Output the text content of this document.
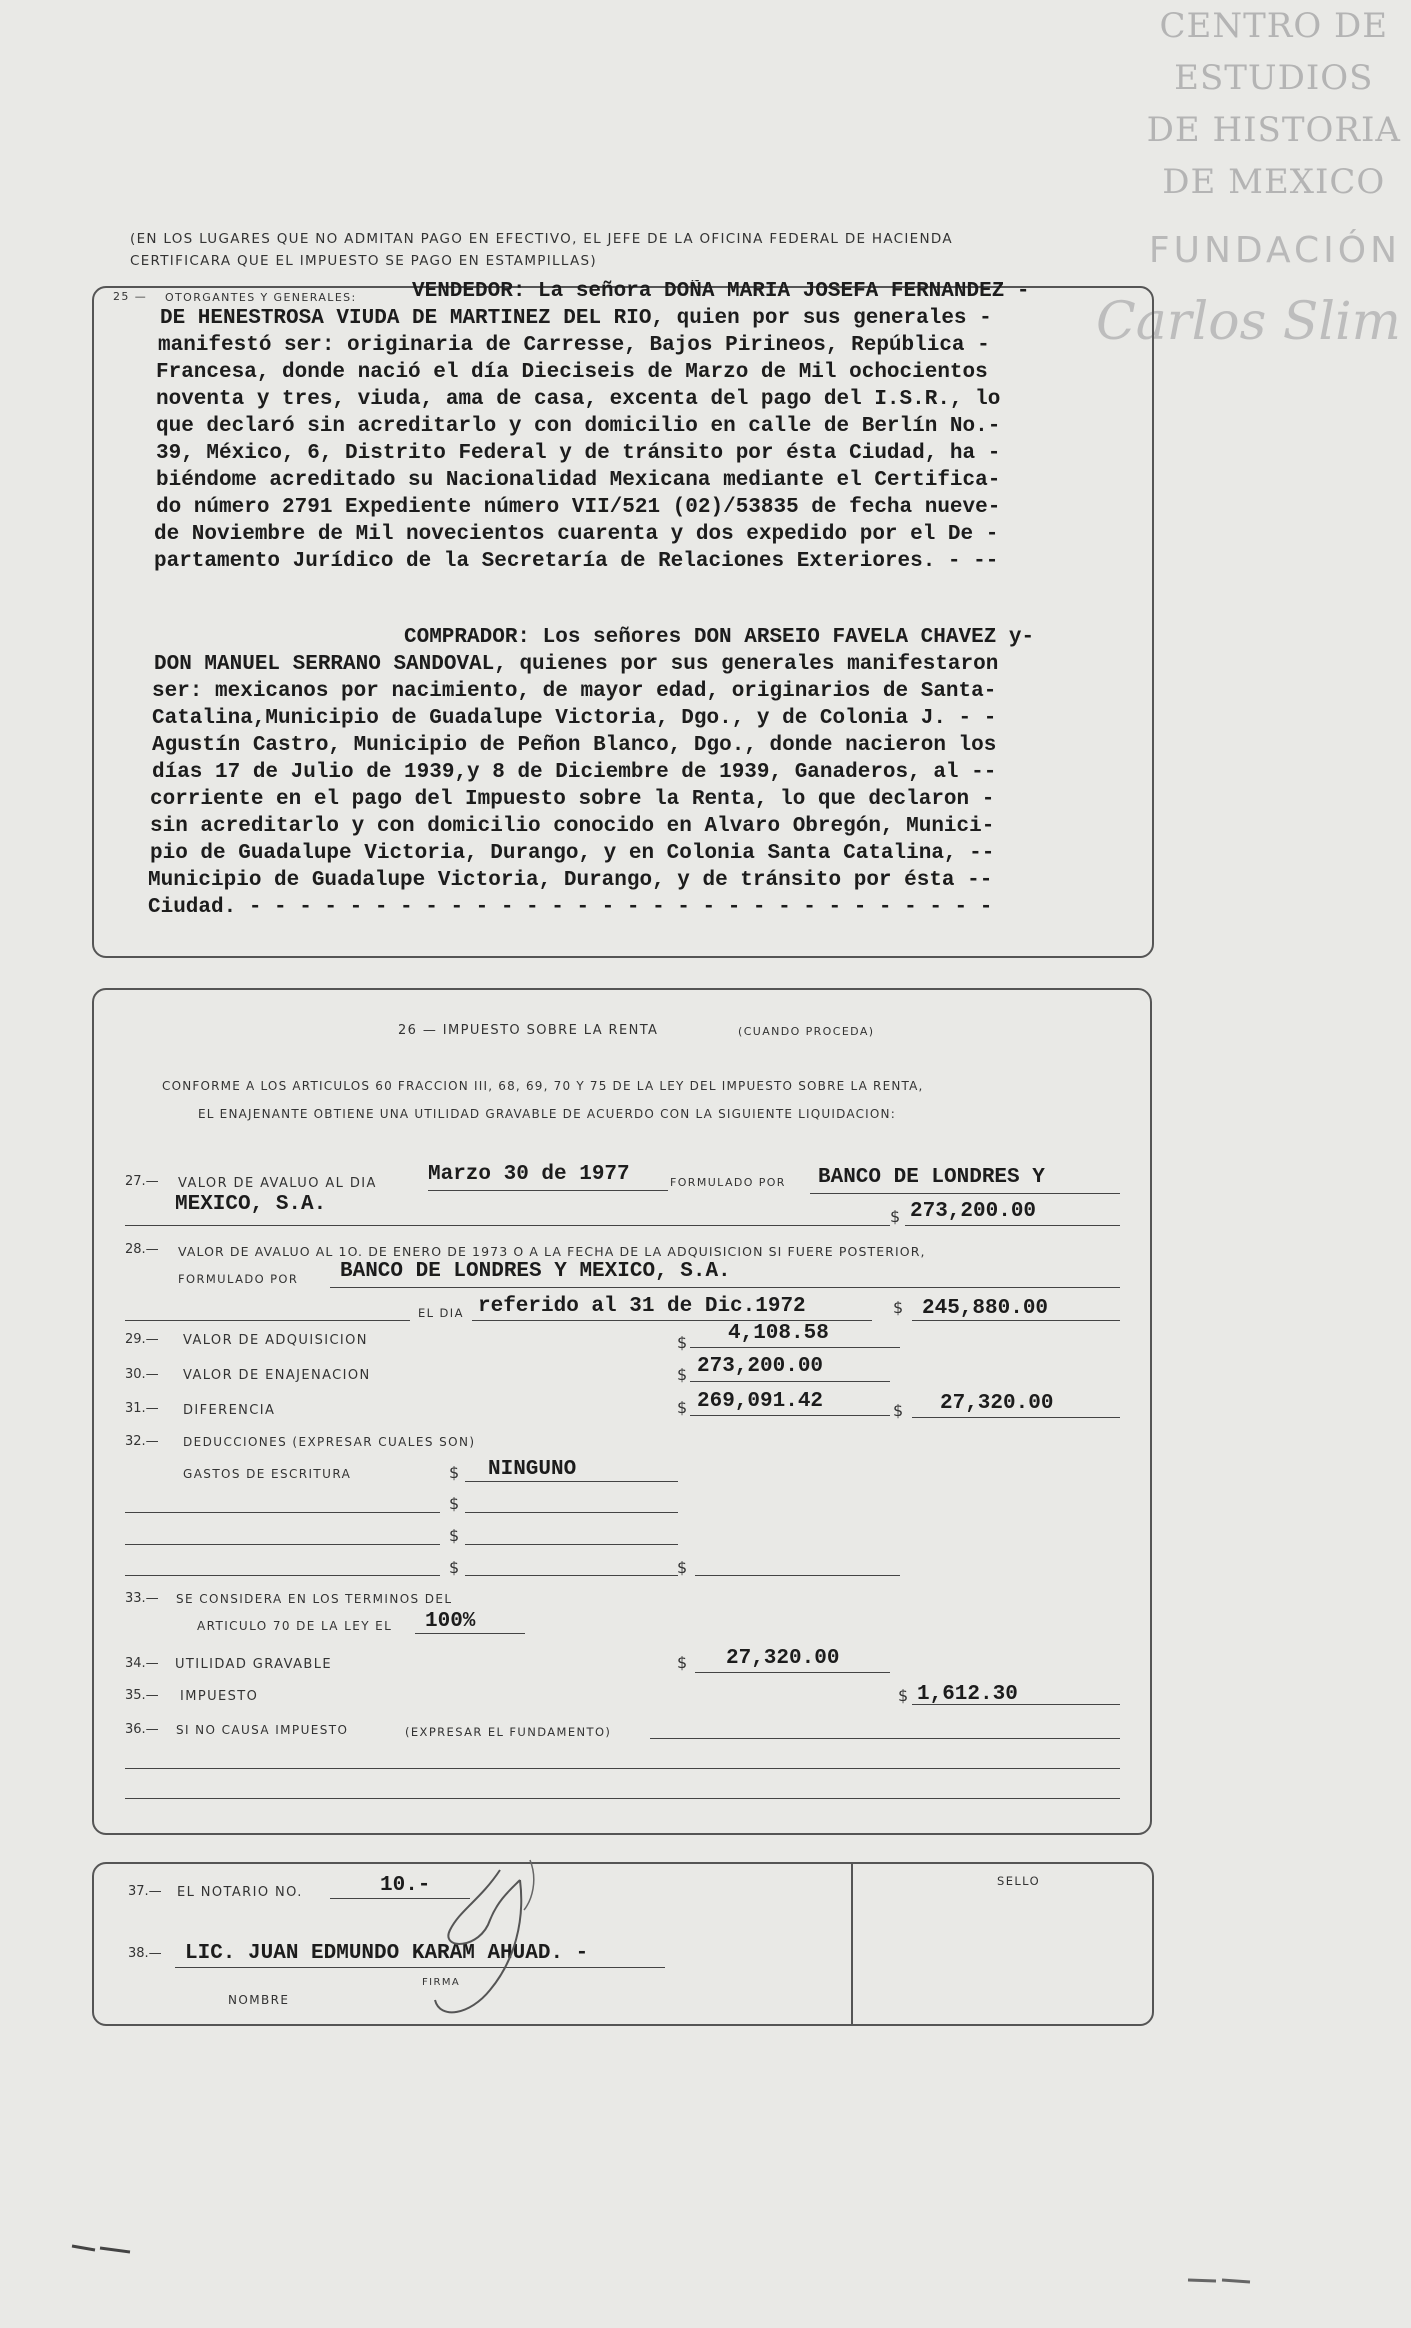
CENTRO DE
ESTUDIOS
DE HISTORIA
DE MEXICO
FUNDACIÓN
Carlos Slim
(EN LOS LUGARES QUE NO ADMITAN PAGO EN EFECTIVO, EL JEFE DE LA OFICINA FEDERAL DE HACIENDA
CERTIFICARA QUE EL IMPUESTO SE PAGO EN ESTAMPILLAS)
25 — OTORGANTES Y GENERALES:	VENDEDOR: La señora DOÑA MARIA JOSEFA FERNANDEZ -
DE HENESTROSA VIUDA DE MARTINEZ DEL RIO, quien por sus generales -
manifestó ser: originaria de Carresse, Bajos Pirineos, República -
Francesa, donde nació el día Dieciseis de Marzo de Mil ochocientos
noventa y tres, viuda, ama de casa, excenta del pago del I.S.R., lo
que declaró sin acreditarlo y con domicilio en calle de Berlín No.-
39, México, 6, Distrito Federal y de tránsito por ésta Ciudad, ha -
biéndome acreditado su Nacionalidad Mexicana mediante el Certifica-
do número 2791 Expediente número VII/521 (02)/53835 de fecha nueve-
de Noviembre de Mil novecientos cuarenta y dos expedido por el De -
partamento Jurídico de la Secretaría de Relaciones Exteriores. - --
COMPRADOR: Los señores DON ARSEIO FAVELA CHAVEZ y-
DON MANUEL SERRANO SANDOVAL, quienes por sus generales manifestaron
ser: mexicanos por nacimiento, de mayor edad, originarios de Santa-
Catalina,Municipio de Guadalupe Victoria, Dgo., y de Colonia J. - -
Agustín Castro, Municipio de Peñon Blanco, Dgo., donde nacieron los
días 17 de Julio de 1939,y 8 de Diciembre de 1939, Ganaderos, al --
corriente en el pago del Impuesto sobre la Renta, lo que declaron -
sin acreditarlo y con domicilio conocido en Alvaro Obregón, Munici-
pio de Guadalupe Victoria, Durango, y en Colonia Santa Catalina, --
Municipio de Guadalupe Victoria, Durango, y de tránsito por ésta --
Ciudad. - - - - - - - - - - - - - - - - - - - - - - - - - - - - - -
26 — IMPUESTO SOBRE LA RENTA	(CUANDO PROCEDA)
CONFORME A LOS ARTICULOS 60 FRACCION III, 68, 69, 70 Y 75 DE LA LEY DEL IMPUESTO SOBRE LA RENTA,
EL ENAJENANTE OBTIENE UNA UTILIDAD GRAVABLE DE ACUERDO CON LA SIGUIENTE LIQUIDACION:
27.— VALOR DE AVALUO AL DIA Marzo 30 de 1977	FORMULADO POR BANCO DE LONDRES Y
MEXICO, S.A.
$ 273,200.00
28.— VALOR DE AVALUO AL 1O. DE ENERO DE 1973 O A LA FECHA DE LA ADQUISICION SI FUERE POSTERIOR,
FORMULADO POR BANCO DE LONDRES Y MEXICO, S.A.
EL DIA referido al 31 de Dic.1972	$ 245,880.00
29.— VALOR DE ADQUISICION	$ 4,108.58
30.— VALOR DE ENAJENACION	$ 273,200.00
31.— DIFERENCIA	$ 269,091.42	$ 27,320.00
32.— DEDUCCIONES (EXPRESAR CUALES SON)
GASTOS DE ESCRITURA	$ NINGUNO
$
$
$	$
33.— SE CONSIDERA EN LOS TERMINOS DEL
ARTICULO 70 DE LA LEY EL 100%
34.— UTILIDAD GRAVABLE	$ 27,320.00
35.— IMPUESTO	$ 1,612.30
36.— SI NO CAUSA IMPUESTO	(EXPRESAR EL FUNDAMENTO)
SELLO
37.— EL NOTARIO NO.	10.-
38.— LIC. JUAN EDMUNDO KARAM AHUAD. -
FIRMA
NOMBRE
